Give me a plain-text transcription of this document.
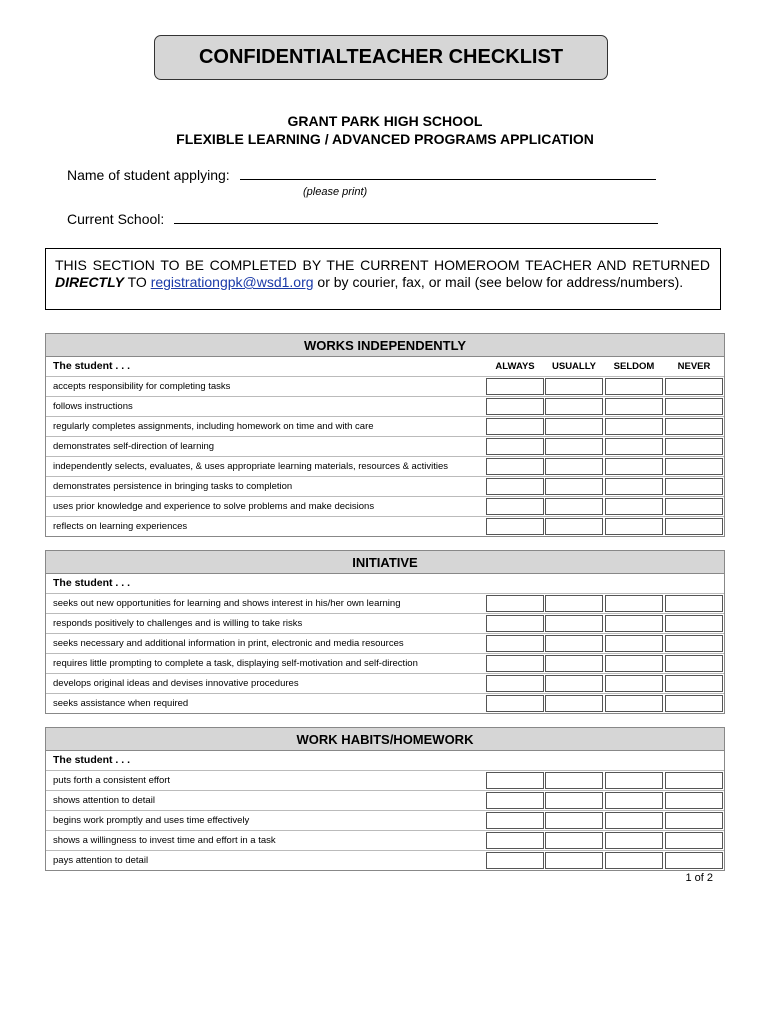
CONFIDENTIALTEACHER CHECKLIST
GRANT PARK HIGH SCHOOL
FLEXIBLE LEARNING / ADVANCED PROGRAMS APPLICATION
Name of student applying:
(please print)
Current School:
THIS SECTION TO BE COMPLETED BY THE CURRENT HOMEROOM TEACHER AND RETURNED DIRECTLY TO registrationgpk@wsd1.org or by courier, fax, or mail (see below for address/numbers).
WORKS INDEPENDENTLY
The student . . .	ALWAYS	USUALLY	SELDOM	NEVER
accepts responsibility for completing tasks
follows instructions
regularly completes assignments, including homework on time and with care
demonstrates self-direction of learning
independently selects, evaluates, & uses appropriate learning materials, resources & activities
demonstrates persistence in bringing tasks to completion
uses prior knowledge and experience to solve problems and make decisions
reflects on learning experiences
INITIATIVE
The student . . .
seeks out new opportunities for learning and shows interest in his/her own learning
responds positively to challenges and is willing to take risks
seeks necessary and additional information in print, electronic and media resources
requires little prompting to complete a task, displaying self-motivation and self-direction
develops original ideas and devises innovative procedures
seeks assistance when required
WORK HABITS/HOMEWORK
The student . . .
puts forth a consistent effort
shows attention to detail
begins work promptly and uses time effectively
shows a willingness to invest time and effort in a task
pays attention to detail
1 of 2
